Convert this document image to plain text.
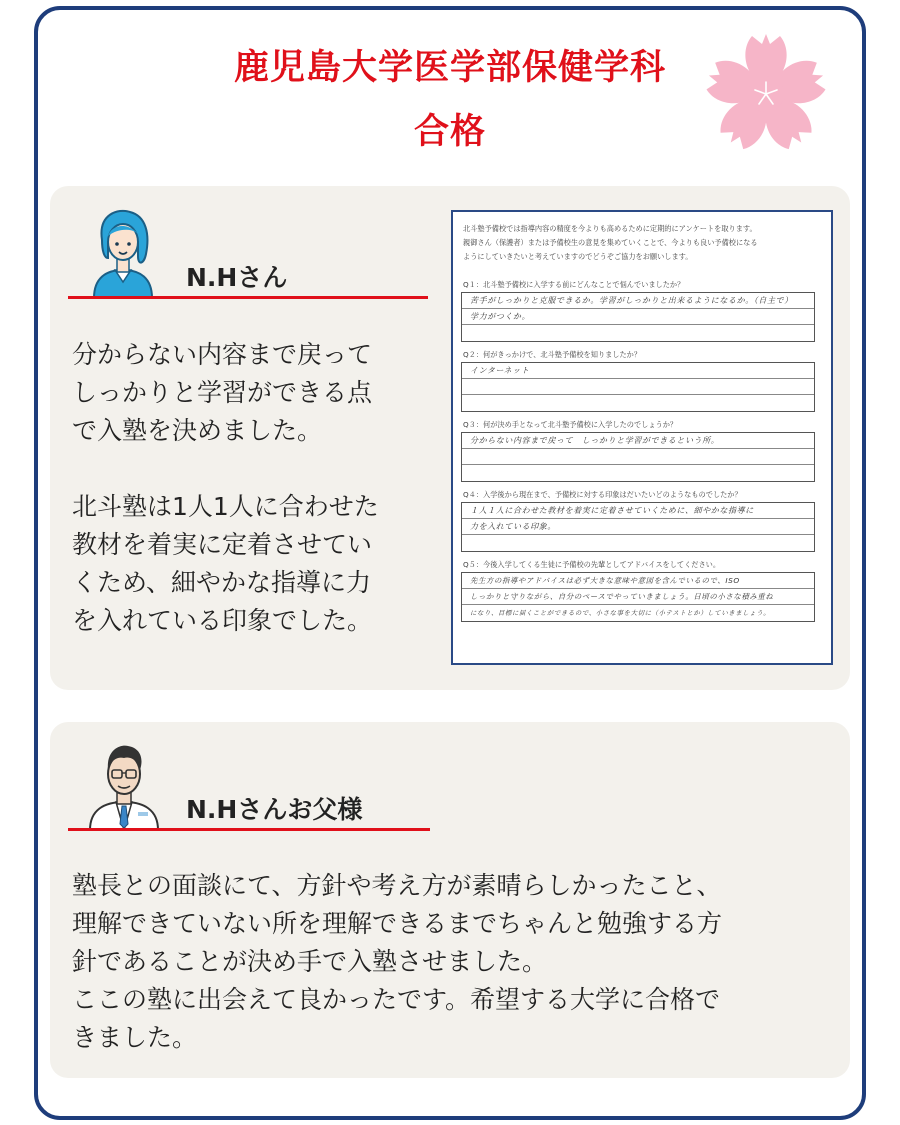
鹿児島大学医学部保健学科
合格
N.Hさん
分からない内容まで戻って
しっかりと学習ができる点
で入塾を決めました。
北斗塾は1人1人に合わせた
教材を着実に定着させてい
くため、細やかな指導に力
を入れている印象でした。
北斗塾予備校では指導内容の精度を今よりも高めるために定期的にアンケートを取ります。
親御さん（保護者）または予備校生の意見を集めていくことで、今よりも良い予備校になる
ようにしていきたいと考えていますのでどうぞご協力をお願いします。
Q１：北斗塾予備校に入学する前にどんなことで悩んでいましたか？
苦手がしっかりと克服できるか。学習がしっかりと出来るようになるか。（自主で）
学力がつくか。
Q２：何がきっかけで、北斗塾予備校を知りましたか？
インターネット
Q３：何が決め手となって北斗塾予備校に入学したのでしょうか？
分からない内容まで戻って　しっかりと学習ができるという所。
Q４：入学後から現在まで、予備校に対する印象はだいたいどのようなものでしたか？
１人１人に合わせた教材を着実に定着させていくために、細やかな指導に
力を入れている印象。
Q５：今後入学してくる生徒に予備校の先輩としてアドバイスをしてください。
先生方の指導やアドバイスは必ず大きな意味や意図を含んでいるので、ISO
しっかりと守りながら、自分のペースでやっていきましょう。日頃の小さな積み重ね
になり、目標に届くことができるので、小さな事を大切に（小テストとか）していきましょう。
N.Hさんお父様
塾長との面談にて、方針や考え方が素晴らしかったこと、
理解できていない所を理解できるまでちゃんと勉強する方
針であることが決め手で入塾させました。
ここの塾に出会えて良かったです。希望する大学に合格で
きました。
